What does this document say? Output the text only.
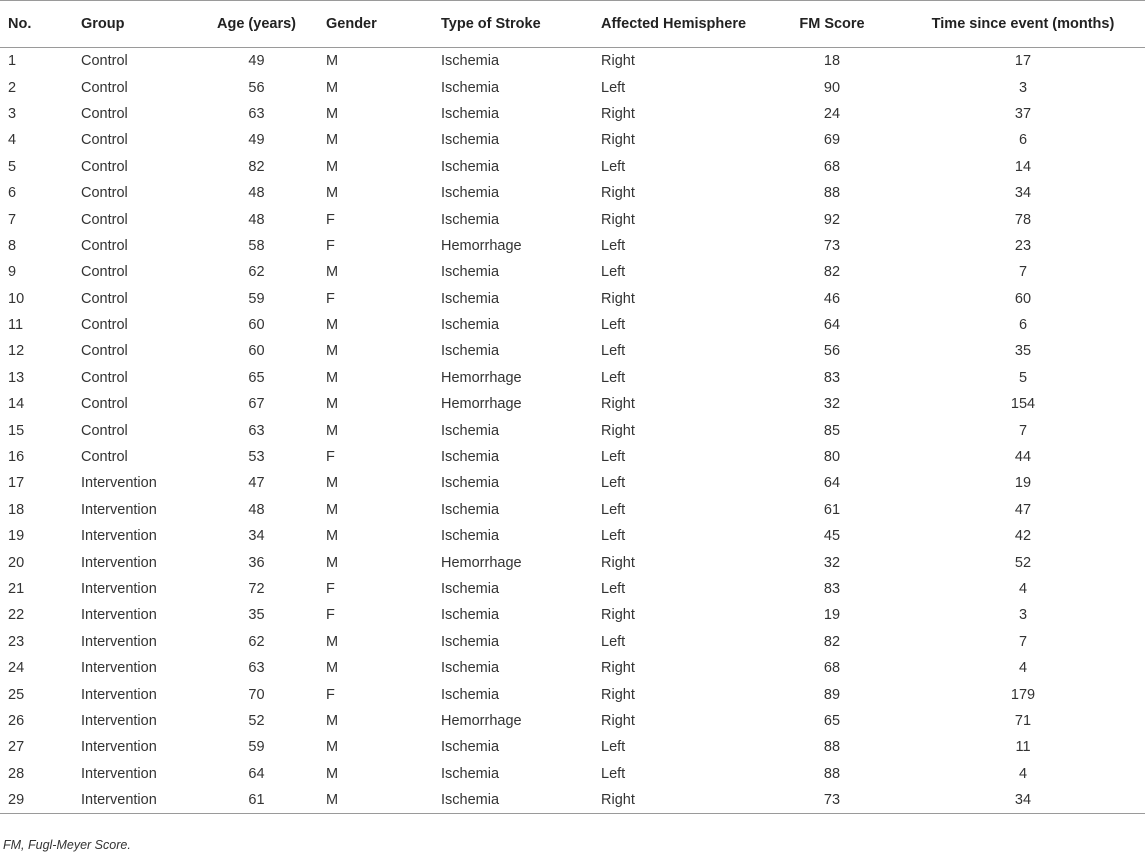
No.	Group	Age (years)	Gender	Type of Stroke	Affected Hemisphere	FM Score	Time since event (months)
1	Control	49	M	Ischemia	Right	18	17
2	Control	56	M	Ischemia	Left	90	3
3	Control	63	M	Ischemia	Right	24	37
4	Control	49	M	Ischemia	Right	69	6
5	Control	82	M	Ischemia	Left	68	14
6	Control	48	M	Ischemia	Right	88	34
7	Control	48	F	Ischemia	Right	92	78
8	Control	58	F	Hemorrhage	Left	73	23
9	Control	62	M	Ischemia	Left	82	7
10	Control	59	F	Ischemia	Right	46	60
11	Control	60	M	Ischemia	Left	64	6
12	Control	60	M	Ischemia	Left	56	35
13	Control	65	M	Hemorrhage	Left	83	5
14	Control	67	M	Hemorrhage	Right	32	154
15	Control	63	M	Ischemia	Right	85	7
16	Control	53	F	Ischemia	Left	80	44
17	Intervention	47	M	Ischemia	Left	64	19
18	Intervention	48	M	Ischemia	Left	61	47
19	Intervention	34	M	Ischemia	Left	45	42
20	Intervention	36	M	Hemorrhage	Right	32	52
21	Intervention	72	F	Ischemia	Left	83	4
22	Intervention	35	F	Ischemia	Right	19	3
23	Intervention	62	M	Ischemia	Left	82	7
24	Intervention	63	M	Ischemia	Right	68	4
25	Intervention	70	F	Ischemia	Right	89	179
26	Intervention	52	M	Hemorrhage	Right	65	71
27	Intervention	59	M	Ischemia	Left	88	11
28	Intervention	64	M	Ischemia	Left	88	4
29	Intervention	61	M	Ischemia	Right	73	34

FM, Fugl-Meyer Score.
